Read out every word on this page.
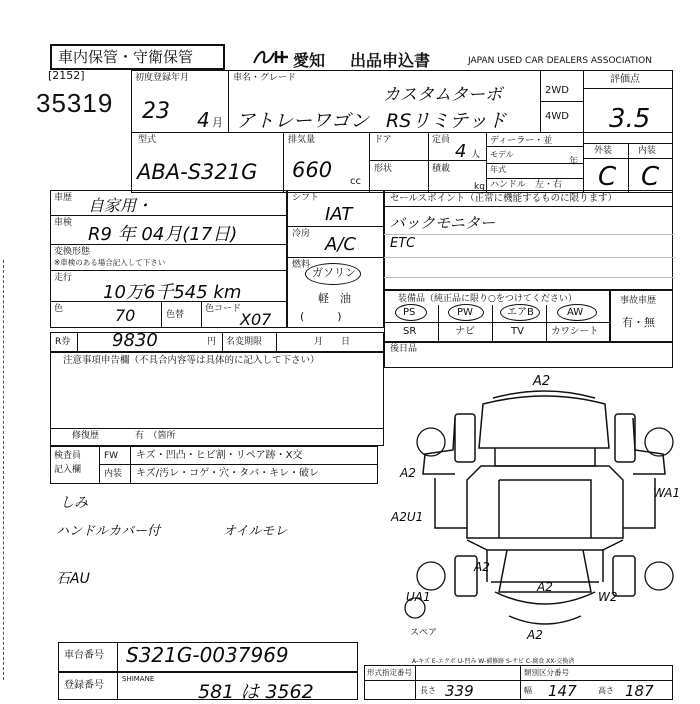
車内保管・守衛保管	愛知 出品申込書	JAPAN USED CAR DEALERS ASSOCIATION
[2152]
35319
初度登録年月
23 4 月
車名・グレード
カスタムターボ
アトレーワゴン RSリミテッド
2WD
4WD
評価点
3.5
型式
ABA-S321G
排気量
660 cc
ドア
形状
定員
4 人
積載
kg
ディーラー・並
モデル
年式
年
ハンドル　左・右
外装	内装
C C
車歴 自家用・
車検
R9 年 04月(17日)
変換形態
※車検のある場合記入して下さい
走行
10万6千545 km
色	70	色替
色コード
X07
シフト
IAT
冷房 A/C
燃料
ガソリン
軽　油
(　　　)
R券 9830	円 名変期限	月　　日
注意事項申告欄（不具合内容等は具体的に記入して下さい）
修復歴	有　（箇所
検査員
記入欄
FW キズ・凹凸・ヒビ割・リペア跡・X交
内装 キズ/汚レ・コゲ・穴・タバ・キレ・破レ
しみ
ハンドルカバー付	オイルモレ
石AU
セールスポイント（正常に機能するものに限ります）
バックモニター
ETC
装備品（純正品に限り○をつけてください）
PS	PW	エアB	AW
SR	ナビ	TV	カワシート
事故車歴
有・無
後日品
A2
A2
A2U1
A2
WA1
A2
W2
UA1
A2
スペア
車台番号 S321G-0037969
登録番号
SHIMANE
581 は 3562
A-キズ E-エクボ U-凹み W-補修跡 S-サビ C-腐食 XX-交換済
形式指定番号	類別区分番号
長さ 339	幅 147	高さ 187
